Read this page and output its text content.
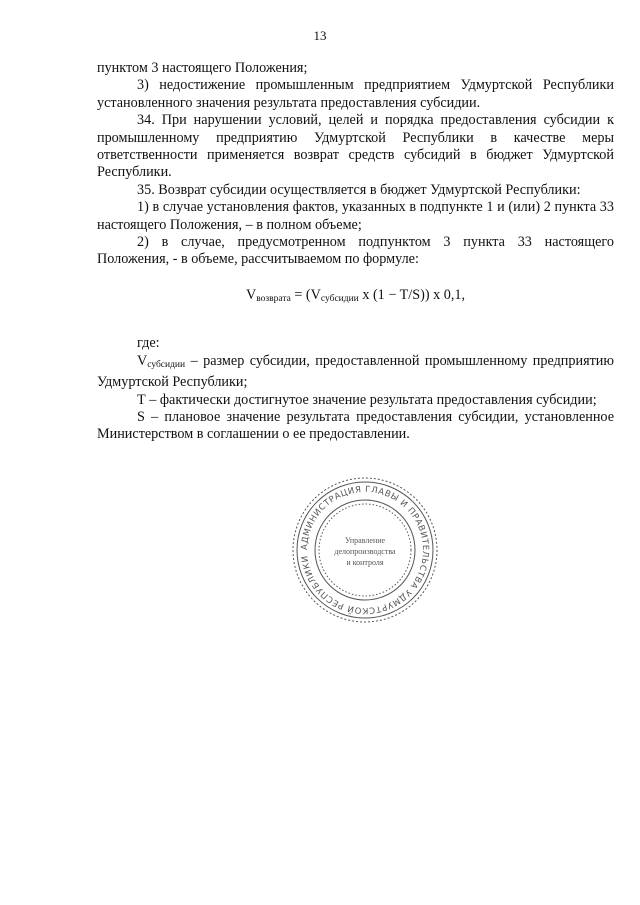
13

пунктом 3 настоящего Положения;

3) недостижение промышленным предприятием Удмуртской Республики установленного значения результата предоставления субсидии.

34. При нарушении условий, целей и порядка предоставления субсидии к промышленному предприятию Удмуртской Республики в качестве меры ответственности применяется возврат средств субсидий в бюджет Удмуртской Республики.

35. Возврат субсидии осуществляется в бюджет Удмуртской Республики:

1) в случае установления фактов, указанных в подпункте 1 и (или) 2 пункта 33 настоящего Положения, – в полном объеме;

2) в случае, предусмотренном подпунктом 3 пункта 33 настоящего Положения, - в объеме, рассчитываемом по формуле:

$V_{возврата} = (V_{субсидии}$ x (1 − T/S)) x 0,1,

где:

$V_{субсидии}$ – размер субсидии, предоставленной промышленному предприятию Удмуртской Республики;

Т – фактически достигнутое значение результата предоставления субсидии;

S – плановое значение результата предоставления субсидии, установленное Министерством в соглашении о ее предоставлении.

АДМИНИСТРАЦИЯ ГЛАВЫ И ПРАВИТЕЛЬСТВА УДМУРТСКОЙ РЕСПУБЛИКИ
Управление
делопроизводства
и контроля
